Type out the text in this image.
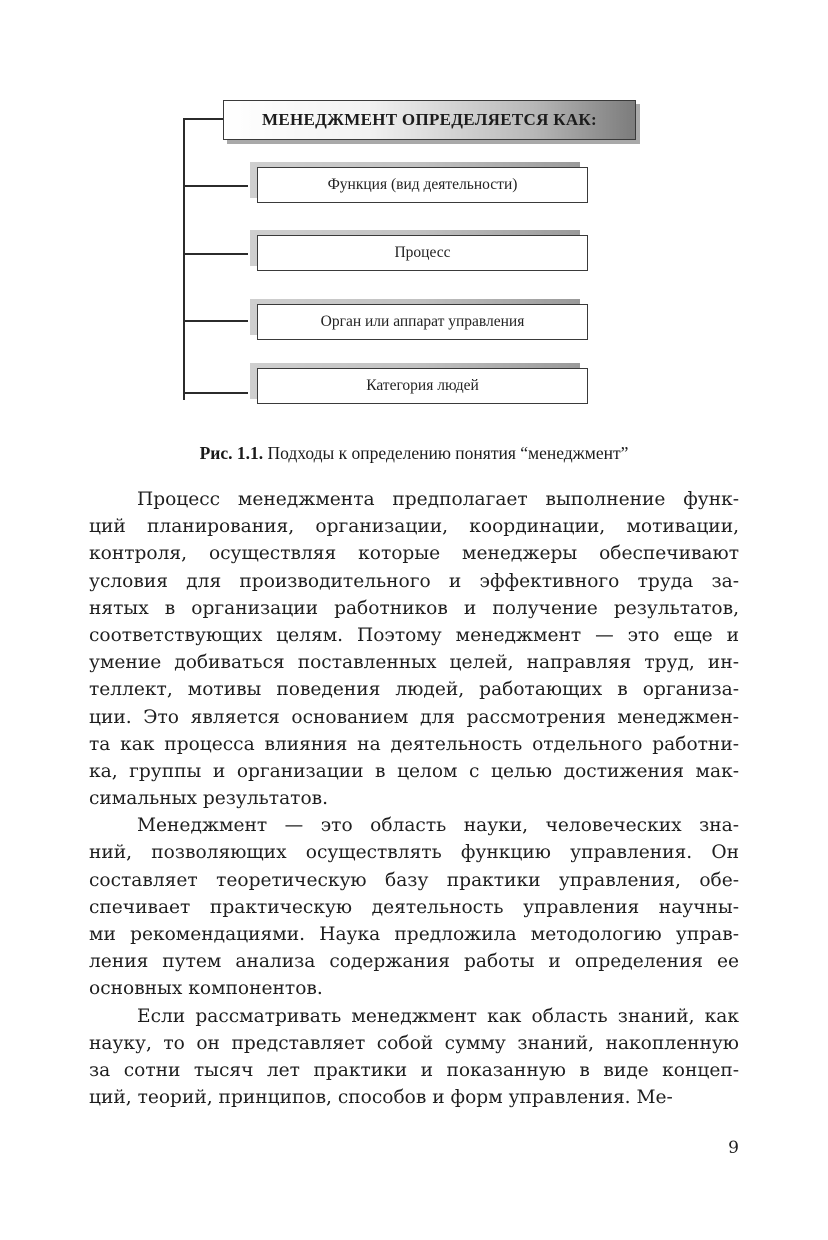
МЕНЕДЖМЕНТ ОПРЕДЕЛЯЕТСЯ КАК:
Функция (вид деятельности)
Процесс
Орган или аппарат управления
Категория людей
Рис. 1.1. Подходы к определению понятия “менеджмент”
Процесс менеджмента предполагает выполнение функ-
ций планирования, организации, координации, мотивации,
контроля, осуществляя которые менеджеры обеспечивают
условия для производительного и эффективного труда за-
нятых в организации работников и получение результатов,
соответствующих целям. Поэтому менеджмент — это еще и
умение добиваться поставленных целей, направляя труд, ин-
теллект, мотивы поведения людей, работающих в организа-
ции. Это является основанием для рассмотрения менеджмен-
та как процесса влияния на деятельность отдельного работни-
ка, группы и организации в целом с целью достижения мак-
симальных результатов.
Менеджмент — это область науки, человеческих зна-
ний, позволяющих осуществлять функцию управления. Он
составляет теоретическую базу практики управления, обе-
спечивает практическую деятельность управления научны-
ми рекомендациями. Наука предложила методологию управ-
ления путем анализа содержания работы и определения ее
основных компонентов.
Если рассматривать менеджмент как область знаний, как
науку, то он представляет собой сумму знаний, накопленную
за сотни тысяч лет практики и показанную в виде концеп-
ций, теорий, принципов, способов и форм управления. Ме-
9
